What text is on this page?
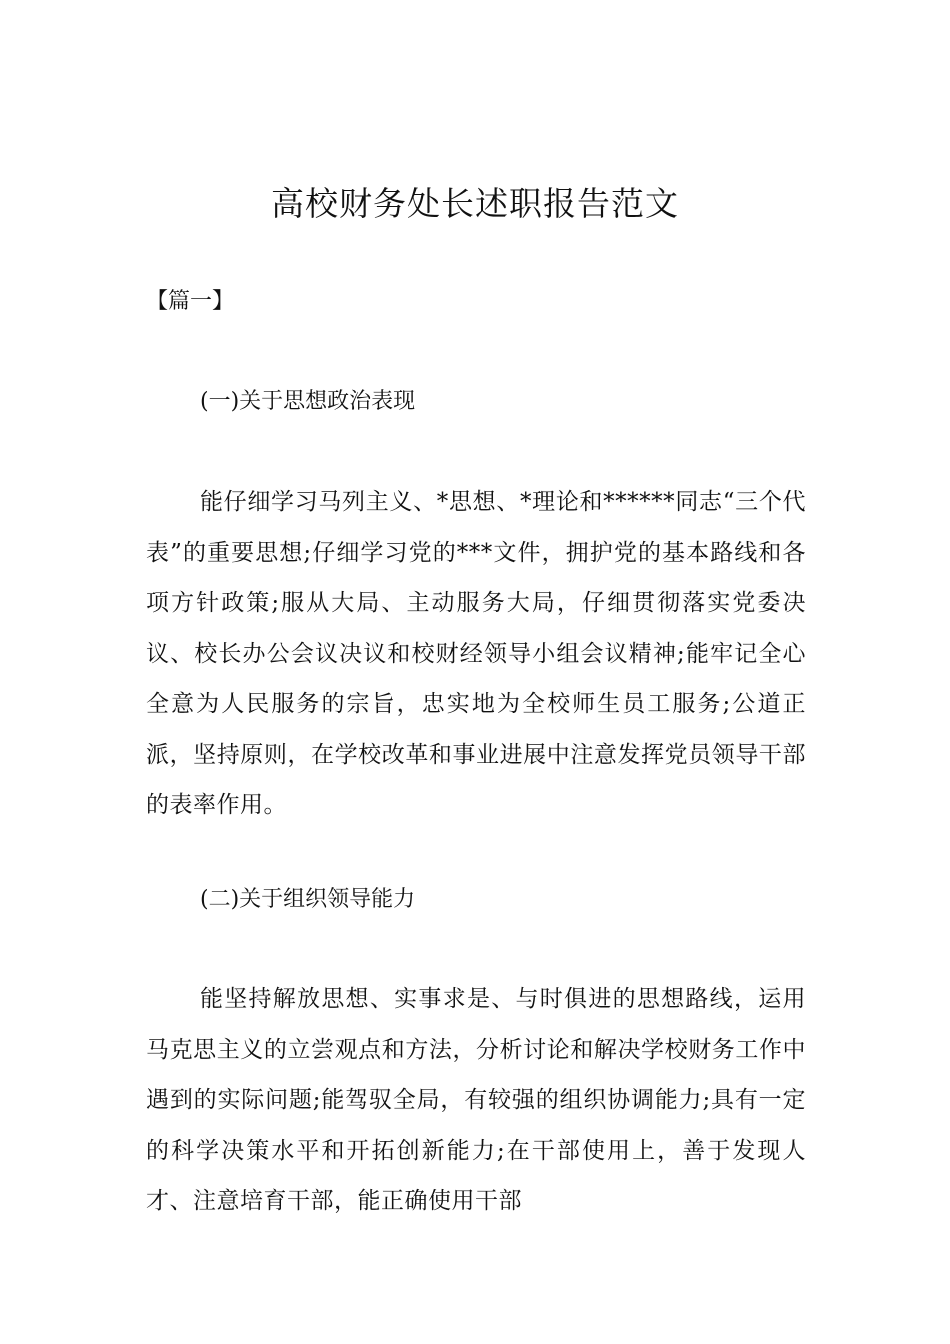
高校财务处长述职报告范文

【篇一】

(一)关于思想政治表现

能仔细学习马列主义、*思想、*理论和******同志“三个代表”的重要思想;仔细学习党的***文件，拥护党的基本路线和各项方针政策;服从大局、主动服务大局，仔细贯彻落实党委决议、校长办公会议决议和校财经领导小组会议精神;能牢记全心全意为人民服务的宗旨，忠实地为全校师生员工服务;公道正派，坚持原则，在学校改革和事业进展中注意发挥党员领导干部的表率作用。

(二)关于组织领导能力

能坚持解放思想、实事求是、与时俱进的思想路线，运用马克思主义的立尝观点和方法，分析讨论和解决学校财务工作中遇到的实际问题;能驾驭全局，有较强的组织协调能力;具有一定的科学决策水平和开拓创新能力;在干部使用上，善于发现人才、注意培育干部，能正确使用干部
